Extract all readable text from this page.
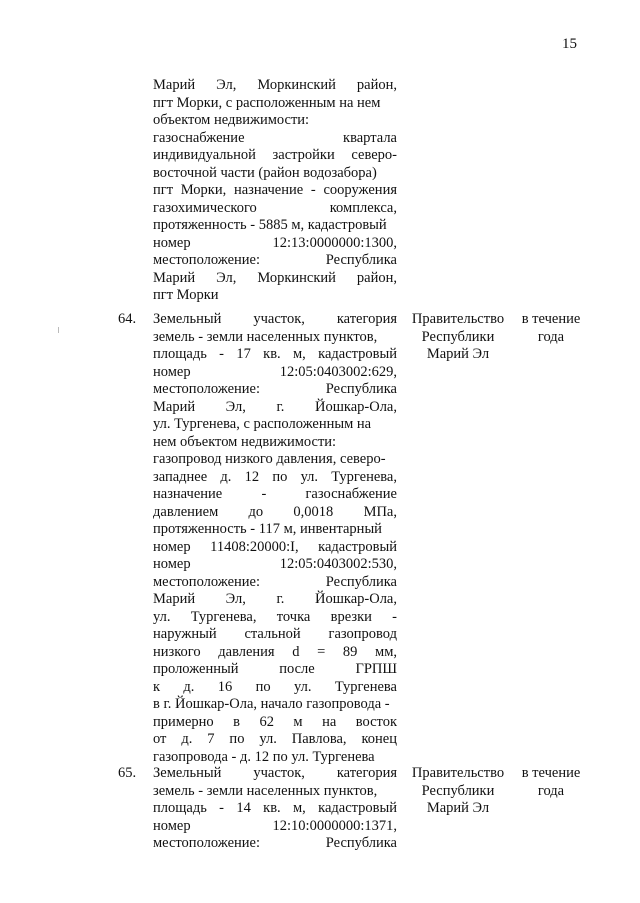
15
Марий Эл, Моркинский район,
пгт Морки, с расположенным на нем
объектом недвижимости:
газоснабжение квартала
индивидуальной застройки северо-
восточной части (район водозабора)
пгт Морки, назначение - сооружения
газохимического комплекса,
протяженность - 5885 м, кадастровый
номер 12:13:0000000:1300,
местоположение: Республика
Марий Эл, Моркинский район,
пгт Морки
64. Земельный участок, категория
земель - земли населенных пунктов,
площадь - 17 кв. м, кадастровый
номер 12:05:0403002:629,
местоположение: Республика
Марий Эл, г. Йошкар-Ола,
ул. Тургенева, с расположенным на
нем объектом недвижимости:
газопровод низкого давления, северо-
западнее д. 12 по ул. Тургенева,
назначение - газоснабжение
давлением до 0,0018 МПа,
протяженность - 117 м, инвентарный
номер 11408:20000:I, кадастровый
номер 12:05:0403002:530,
местоположение: Республика
Марий Эл, г. Йошкар-Ола,
ул. Тургенева, точка врезки -
наружный стальной газопровод
низкого давления d = 89 мм,
проложенный после ГРПШ
к д. 16 по ул. Тургенева
в г. Йошкар-Ола, начало газопровода -
примерно в 62 м на восток
от д. 7 по ул. Павлова, конец
газопровода - д. 12 по ул. Тургенева
Правительство
Республики
Марий Эл
в течение
года
65. Земельный участок, категория
земель - земли населенных пунктов,
площадь - 14 кв. м, кадастровый
номер 12:10:0000000:1371,
местоположение: Республика
Правительство
Республики
Марий Эл
в течение
года
